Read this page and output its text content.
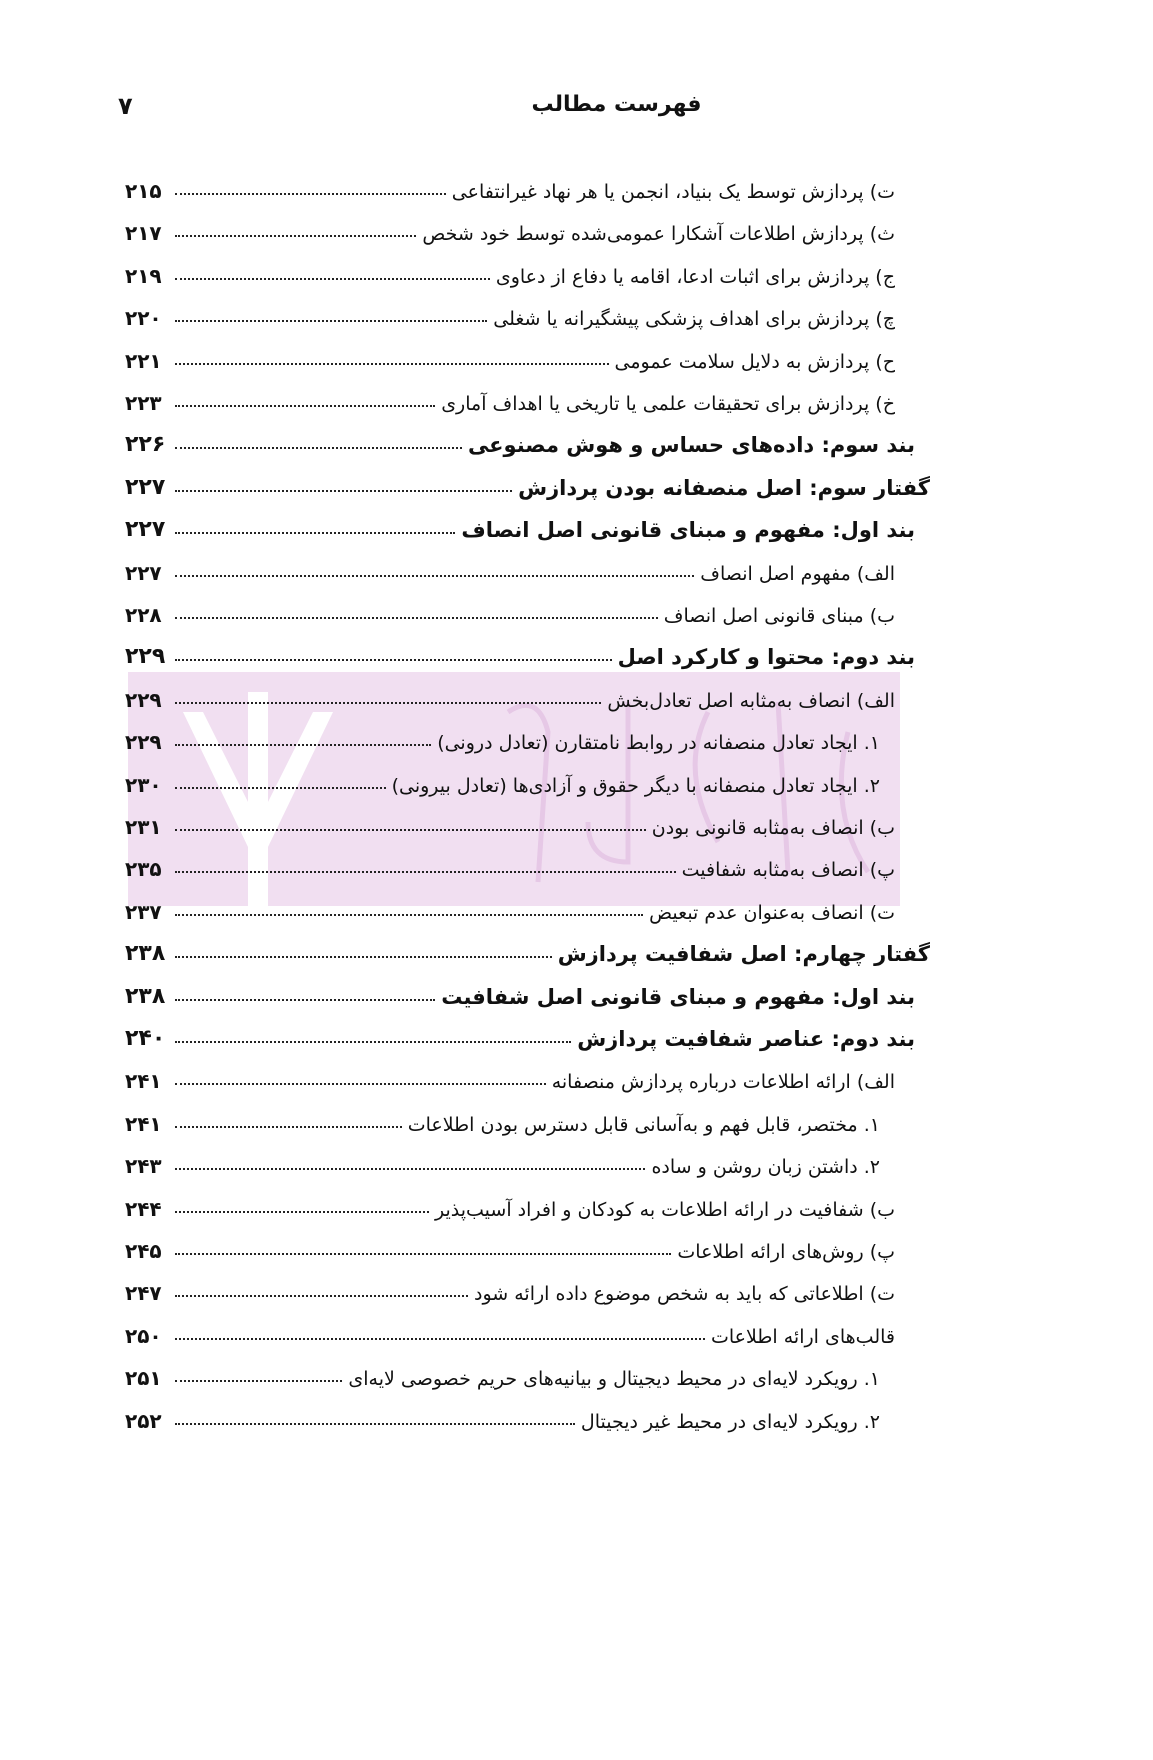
فهرست مطالب
۷
ت) پردازش توسط یک بنیاد، انجمن یا هر نهاد غیرانتفاعی
۲۱۵
ث) پردازش اطلاعات آشکارا عمومی‌شده توسط خود شخص
۲۱۷
ج) پردازش برای اثبات ادعا، اقامه یا دفاع از دعاوی
۲۱۹
چ) پردازش برای اهداف پزشکی پیشگیرانه یا شغلی
۲۲۰
ح) پردازش به دلایل سلامت عمومی
۲۲۱
خ) پردازش برای تحقیقات علمی یا تاریخی یا اهداف آماری
۲۲۳
بند سوم: داده‌های حساس و هوش مصنوعی
۲۲۶
گفتار سوم: اصل منصفانه بودن پردازش
۲۲۷
بند اول: مفهوم و مبنای قانونی اصل انصاف
۲۲۷
الف) مفهوم اصل انصاف
۲۲۷
ب) مبنای قانونی اصل انصاف
۲۲۸
بند دوم: محتوا و کارکرد اصل
۲۲۹
الف) انصاف به‌مثابه اصل تعادل‌بخش
۲۲۹
۱. ایجاد تعادل منصفانه در روابط نامتقارن (تعادل درونی)
۲۲۹
۲. ایجاد تعادل منصفانه با دیگر حقوق و آزادی‌ها (تعادل بیرونی)
۲۳۰
ب) انصاف به‌مثابه قانونی بودن
۲۳۱
پ) انصاف به‌مثابه شفافیت
۲۳۵
ت) انصاف به‌عنوان عدم تبعیض
۲۳۷
گفتار چهارم: اصل شفافیت پردازش
۲۳۸
بند اول: مفهوم و مبنای قانونی اصل شفافیت
۲۳۸
بند دوم: عناصر شفافیت پردازش
۲۴۰
الف) ارائه اطلاعات درباره پردازش منصفانه
۲۴۱
۱. مختصر، قابل فهم و به‌آسانی قابل دسترس بودن اطلاعات
۲۴۱
۲. داشتن زبان روشن و ساده
۲۴۳
ب) شفافیت در ارائه اطلاعات به کودکان و افراد آسیب‌پذیر
۲۴۴
پ) روش‌های ارائه اطلاعات
۲۴۵
ت) اطلاعاتی که باید به شخص موضوع داده ارائه شود
۲۴۷
قالب‌های ارائه اطلاعات
۲۵۰
۱. رویکرد لایه‌ای در محیط دیجیتال و بیانیه‌های حریم خصوصی لایه‌ای
۲۵۱
۲. رویکرد لایه‌ای در محیط غیر دیجیتال
۲۵۲
